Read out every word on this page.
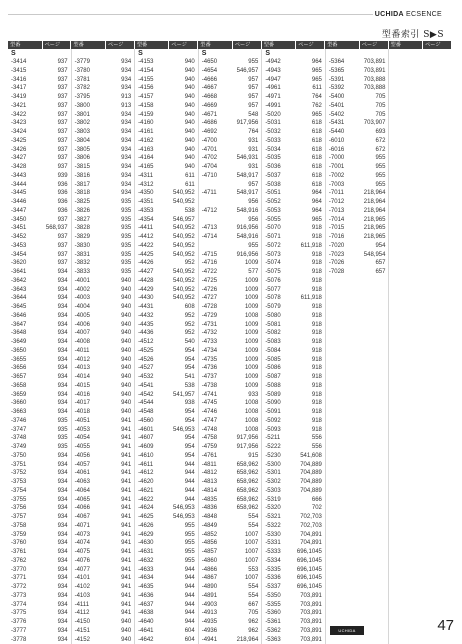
UCHIDA ECSENCE
型番索引 S▶S
型番	ページ	型番	ページ	型番	ページ	型番	ページ	型番	ページ	型番	ページ	型番	ページ
S
-3414	937
-3415	937
-3416	937
-3417	937
-3419	937
-3421	937
-3422	937
-3423	937
-3424	937
-3425	937
-3426	937
-3427	937
-3428	937
-3443	939
-3444	936
-3445	936
-3446	936
-3447	936
-3450	937
-3451	568,937
-3452	937
-3453	937
-3454	937
-3620	937
-3641	934
-3642	934
-3643	934
-3644	934
-3645	934
-3646	934
-3647	934
-3648	934
-3649	934
-3650	934
-3655	934
-3656	934
-3657	934
-3658	934
-3659	934
-3660	934
-3663	934
-3746	935
-3747	935
-3748	935
-3749	935
-3750	934
-3751	934
-3752	934
-3753	934
-3754	934
-3755	934
-3756	934
-3757	934
-3758	934
-3759	934
-3760	934
-3761	934
-3762	934
-3770	934
-3771	934
-3772	934
-3773	934
-3774	934
-3775	934
-3776	934
-3777	934
-3778	934
-3779	934
-3780	934
-3781	934
-3782	934
-3795	913
-3800	913
-3801	934
-3802	934
-3803	934
-3804	934
-3805	934
-3806	934
-3815	934
-3816	934
-3817	934
-3818	934
-3825	935
-3826	935
-3827	935
-3828	935
-3829	935
-3830	935
-3831	935
-3832	935
-3833	935
-4001	940
-4002	940
-4003	940
-4004	940
-4005	940
-4006	940
-4007	940
-4008	940
-4011	940
-4012	940
-4013	940
-4014	940
-4015	940
-4016	940
-4017	940
-4018	940
-4051	941
-4053	941
-4054	941
-4055	941
-4056	941
-4057	941
-4061	941
-4063	941
-4064	941
-4065	941
-4066	941
-4067	941
-4071	941
-4073	941
-4074	941
-4075	941
-4076	941
-4077	941
-4101	941
-4102	941
-4103	941
-4111	941
-4112	941
-4150	940
-4151	940
-4152	940
S
-4153	940
-4154	940
-4155	940
-4156	940
-4157	940
-4158	940
-4159	940
-4160	940
-4161	940
-4162	940
-4163	940
-4164	940
-4165	940
-4311	611
-4312	611
-4350	540,952
-4351	540,952
-4353	538
-4354	546,957
-4411	540,952
-4412	540,952
-4422	540,952
-4425	540,952
-4426	952
-4427	540,952
-4428	540,952
-4429	540,952
-4430	540,952
-4431	608
-4432	952
-4435	952
-4436	952
-4512	540
-4525	954
-4526	954
-4527	954
-4532	541
-4541	538
-4542	541,957
-4544	938
-4548	954
-4560	954
-4601	546,953
-4607	954
-4609	954
-4610	954
-4611	944
-4612	944
-4620	944
-4621	944
-4622	944
-4624	546,953
-4625	546,953
-4626	955
-4629	955
-4630	955
-4631	955
-4632	955
-4633	944
-4634	944
-4635	944
-4636	944
-4637	944
-4638	944
-4640	944
-4641	604
-4642	604
S
-4650	955
-4654	546,957
-4666	957
-4667	957
-4668	957
-4669	957
-4671	548
-4686	917,956
-4692	764
-4700	931
-4701	931
-4702	546,931
-4704	931
-4710	548,917
957
-4711	548,917
956
-4712	548,916
956
-4713	916,956
-4714	548,916
955
-4715	916,956
-4716	1009
-4722	577
-4725	1009
-4726	1009
-4727	1009
-4728	1009
-4729	1008
-4731	1009
-4732	1009
-4733	1009
-4734	1009
-4735	1009
-4736	1009
-4737	1009
-4738	1009
-4741	933
-4745	1008
-4746	1008
-4747	1008
-4748	1008
-4758	917,956
-4759	917,956
-4761	915
-4811	658,962
-4812	658,962
-4813	658,962
-4814	658,962
-4835	658,962
-4836	658,962
-4848	554
-4849	554
-4852	1007
-4856	1007
-4857	1007
-4860	1007
-4866	553
-4867	1007
-4890	554
-4891	554
-4903	667
-4913	705
-4935	962
-4936	962
-4941	218,964
S
-4942	964
-4943	965
-4947	965
-4961	611
-4971	764
-4991	762
-5020	965
-5031	618
-5032	618
-5033	618
-5034	618
-5035	618
-5036	618
-5037	618
-5038	618
-5051	964
-5052	964
-5053	964
-5055	965
-5070	918
-5071	918
-5072	611,918
-5073	918
-5074	918
-5075	918
-5076	918
-5077	918
-5078	611,918
-5079	918
-5080	918
-5081	918
-5082	918
-5083	918
-5084	918
-5085	918
-5086	918
-5087	918
-5088	918
-5089	918
-5090	918
-5091	918
-5092	918
-5093	918
-5211	556
-5222	556
-5230	541,608
-5300	704,889
-5301	704,889
-5302	704,889
-5303	704,889
-5319	666
-5320	702
-5321	702,703
-5322	702,703
-5330	704,891
-5331	704,891
-5333	696,1045
-5334	696,1045
-5335	696,1045
-5336	696,1045
-5337	696,1045
-5350	703,891
-5355	703,891
-5360	703,891
-5361	703,891
-5362	703,891
-5363	703,891
-5364	703,891
-5365	703,891
-5391	703,888
-5392	703,888
-5400	705
-5401	705
-5402	705
-5431	703,907
-5440	693
-6010	672
-6016	672
-7000	955
-7001	955
-7002	955
-7003	955
-7011	218,964
-7012	218,964
-7013	218,964
-7014	218,965
-7015	218,965
-7016	218,965
-7020	954
-7023	548,954
-7026	657
-7028	657
47
UCHIDA
